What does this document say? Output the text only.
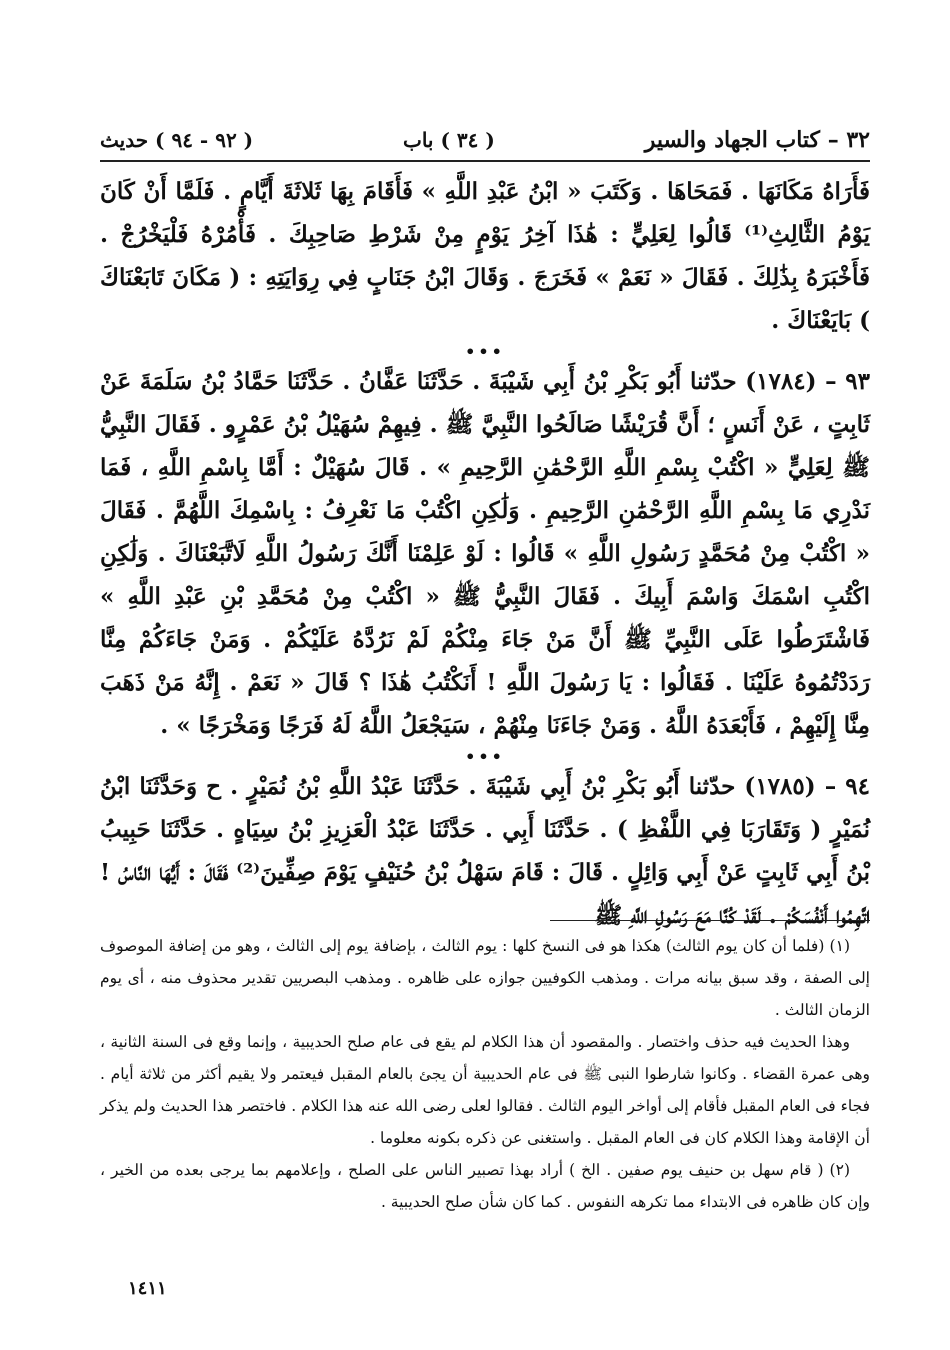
٣٢ – كتاب الجهاد والسير
( ٣٤ ) باب
( ٩٢ - ٩٤ ) حديث

فَأَرَاهُ مَكَانَهَا . فَمَحَاهَا . وَكَتَبَ « ابْنُ عَبْدِ اللَّهِ » فَأَقَامَ بِهَا ثَلاثَةَ أَيَّامٍ . فَلَمَّا أَنْ كَانَ يَوْمُ الثَّالِثِ⁽¹⁾ قَالُوا لِعَلِيٍّ : هَٰذَا آخِرُ يَوْمٍ مِنْ شَرْطِ صَاحِبِكَ . فَأْمُرْهُ فَلْيَخْرُجْ . فَأَخْبَرَهُ بِذَٰلِكَ . فَقَالَ « نَعَمْ » فَخَرَجَ . وَقَالَ ابْنُ جَنَابٍ فِي رِوَايَتِهِ : ( مَكَانَ تَابَعْنَاكَ ) بَايَعْنَاكَ .

•••

٩٣ – (١٧٨٤) حدّثنا أَبُو بَكْرِ بْنُ أَبِي شَيْبَةَ . حَدَّثَنَا عَفَّانُ . حَدَّثَنَا حَمَّادُ بْنُ سَلَمَةَ عَنْ ثَابِتٍ ، عَنْ أَنَسٍ ؛ أَنَّ قُرَيْشًا صَالَحُوا النَّبِيَّ ﷺ . فِيهِمْ سُهَيْلُ بْنُ عَمْرٍو . فَقَالَ النَّبِيُّ ﷺ لِعَلِيٍّ « اكْتُبْ بِسْمِ اللَّهِ الرَّحْمَٰنِ الرَّحِيمِ » . قَالَ سُهَيْلٌ : أَمَّا بِاسْمِ اللَّهِ ، فَمَا نَدْرِي مَا بِسْمِ اللَّهِ الرَّحْمَٰنِ الرَّحِيمِ . وَلَٰكِنِ اكْتُبْ مَا نَعْرِفُ : بِاسْمِكَ اللَّهُمَّ . فَقَالَ « اكْتُبْ مِنْ مُحَمَّدٍ رَسُولِ اللَّهِ » قَالُوا : لَوْ عَلِمْنَا أَنَّكَ رَسُولُ اللَّهِ لَاتَّبَعْنَاكَ . وَلَٰكِنِ اكْتُبِ اسْمَكَ وَاسْمَ أَبِيكَ . فَقَالَ النَّبِيُّ ﷺ « اكْتُبْ مِنْ مُحَمَّدِ بْنِ عَبْدِ اللَّهِ » فَاشْتَرَطُوا عَلَى النَّبِيِّ ﷺ أَنَّ مَنْ جَاءَ مِنْكُمْ لَمْ نَرُدَّهُ عَلَيْكُمْ . وَمَنْ جَاءَكُمْ مِنَّا رَدَدْتُمُوهُ عَلَيْنَا . فَقَالُوا : يَا رَسُولَ اللَّهِ ! أَنَكْتُبُ هَٰذَا ؟ قَالَ « نَعَمْ . إِنَّهُ مَنْ ذَهَبَ مِنَّا إِلَيْهِمْ ، فَأَبْعَدَهُ اللَّهُ . وَمَنْ جَاءَنَا مِنْهُمْ ، سَيَجْعَلُ اللَّهُ لَهُ فَرَجًا وَمَخْرَجًا » .

•••

٩٤ – (١٧٨٥) حدّثنا أَبُو بَكْرِ بْنُ أَبِي شَيْبَةَ . حَدَّثَنَا عَبْدُ اللَّهِ بْنُ نُمَيْرٍ . ح وَحَدَّثَنَا ابْنُ نُمَيْرٍ ( وَتَقَارَبَا فِي اللَّفْظِ ) . حَدَّثَنَا أَبِي . حَدَّثَنَا عَبْدُ الْعَزِيزِ بْنُ سِيَاهٍ . حَدَّثَنَا حَبِيبُ بْنُ أَبِي ثَابِتٍ عَنْ أَبِي وَائِلٍ . قَالَ : قَامَ سَهْلُ بْنُ حُنَيْفٍ يَوْمَ صِفِّينَ⁽²⁾ فَقَالَ : أَيُّهَا النَّاسُ ! اتَّهِمُوا أَنْفُسَكُمْ . لَقَدْ كُنَّا مَعَ رَسُولِ اللَّهِ ﷺ

(١) (فلما أن كان يوم الثالث) هكذا هو فى النسخ كلها : يوم الثالث ، بإضافة يوم إلى الثالث ، وهو من إضافة الموصوف إلى الصفة ، وقد سبق بيانه مرات . ومذهب الكوفيين جوازه على ظاهره . ومذهب البصريين تقدير محذوف منه ، أى يوم الزمان الثالث .

وهذا الحديث فيه حذف واختصار . والمقصود أن هذا الكلام لم يقع فى عام صلح الحديبية ، وإنما وقع فى السنة الثانية ، وهى عمرة القضاء . وكانوا شارطوا النبى ﷺ فى عام الحديبية أن يجئ بالعام المقبل فيعتمر ولا يقيم أكثر من ثلاثة أيام . فجاء فى العام المقبل فأقام إلى أواخر اليوم الثالث . فقالوا لعلى رضى الله عنه هذا الكلام . فاختصر هذا الحديث ولم يذكر أن الإقامة وهذا الكلام كان فى العام المقبل . واستغنى عن ذكره بكونه معلوما .

(٢) ( قام سهل بن حنيف يوم صفين . الخ ) أراد بهذا تصبير الناس على الصلح ، وإعلامهم بما يرجى بعده من الخير ، وإن كان ظاهره فى الابتداء مما تكرهه النفوس . كما كان شأن صلح الحديبية .

١٤١١
